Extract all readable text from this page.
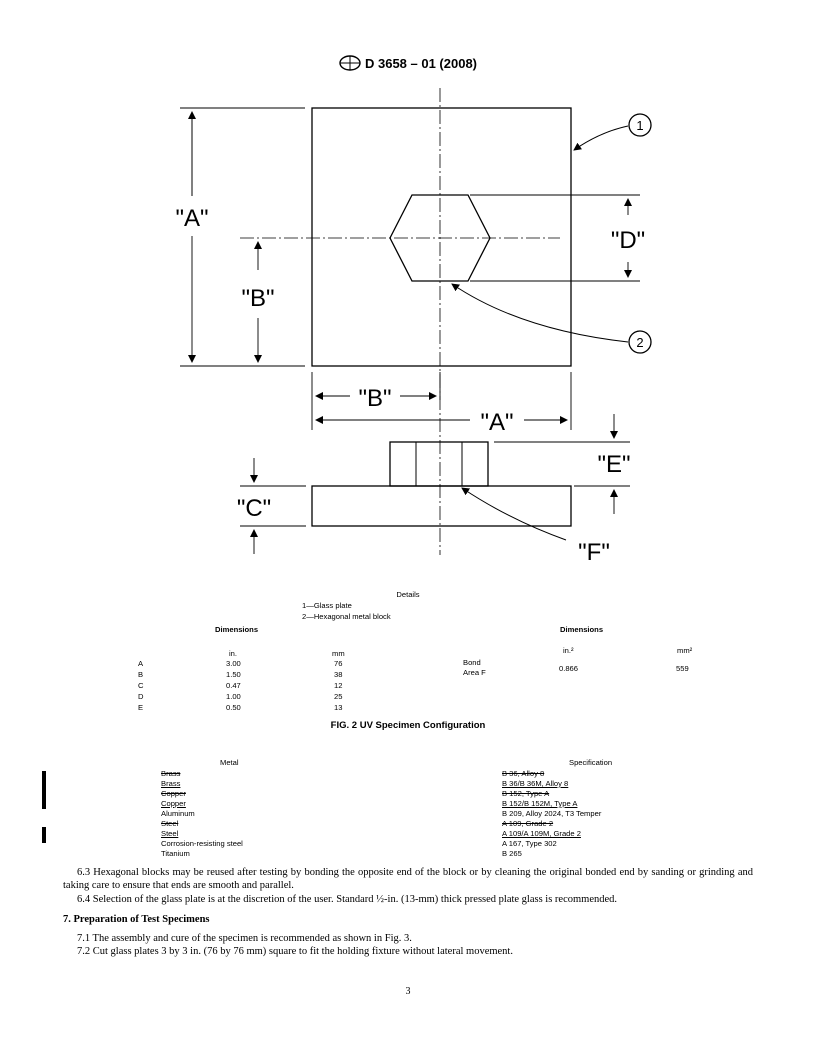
D 3658 – 01 (2008)
1
2
"A"
"B"
"D"
"B"
"A"
"E"
"C"
"F"
Details
1—Glass plate
2—Hexagonal metal block
Dimensions
in.	mm
A	3.00	76
B	1.50	38
C	0.47	12
D	1.00	25
E	0.50	13
Dimensions
in.²	mm²
Bond
Area F	0.866	559
FIG. 2 UV Specimen Configuration
Metal	Specification
Brass	B 36, Alloy 8
Brass	B 36/B 36M, Alloy 8
Copper	B 152, Type A
Copper	B 152/B 152M, Type A
Aluminum	B 209, Alloy 2024, T3 Temper
Steel	A 109, Grade 2
Steel	A 109/A 109M, Grade 2
Corrosion-resisting steel	A 167, Type 302
Titanium	B 265
6.3 Hexagonal blocks may be reused after testing by bonding the opposite end of the block or by cleaning the original bonded end by sanding or grinding and taking care to ensure that ends are smooth and parallel.
6.4 Selection of the glass plate is at the discretion of the user. Standard ½-in. (13-mm) thick pressed plate glass is recommended.
7. Preparation of Test Specimens
7.1 The assembly and cure of the specimen is recommended as shown in Fig. 3.
7.2 Cut glass plates 3 by 3 in. (76 by 76 mm) square to fit the holding fixture without lateral movement.
3
